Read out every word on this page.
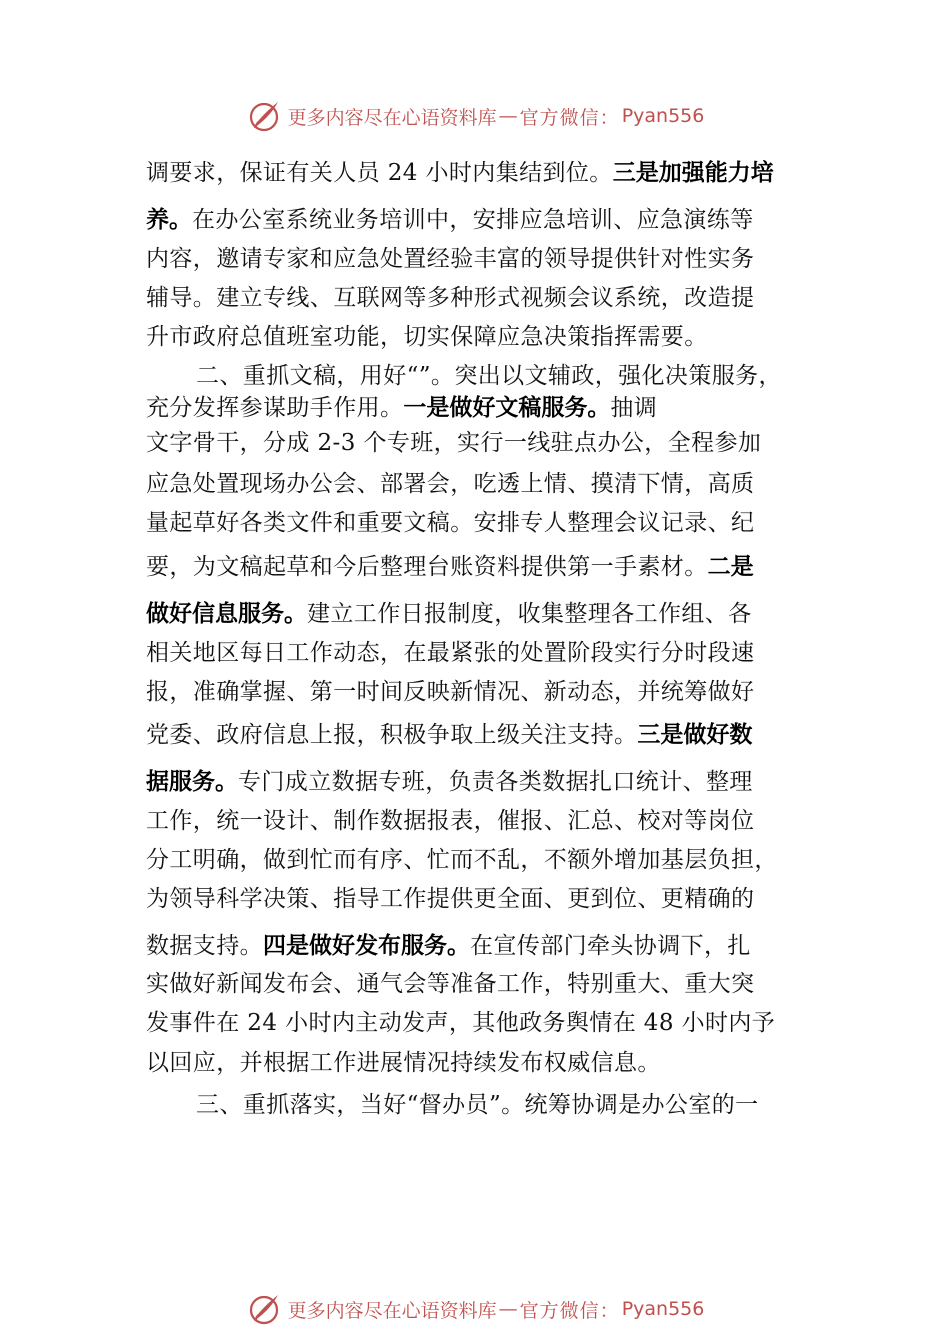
更多内容尽在心语资料库 — 官方微信： Pyan556

调要求，保证有关人员 24 小时内集结到位。三是加强能力培

养。在办公室系统业务培训中，安排应急培训、应急演练等

内容，邀请专家和应急处置经验丰富的领导提供针对性实务

辅导。建立专线、互联网等多种形式视频会议系统，改造提

升市政府总值班室功能，切实保障应急决策指挥需要。

二、重抓文稿，用好“”。突出以文辅政，强化决策服务，

充分发挥参谋助手作用。一是做好文稿服务。抽调

文字骨干，分成 2-3 个专班，实行一线驻点办公，全程参加

应急处置现场办公会、部署会，吃透上情、摸清下情，高质

量起草好各类文件和重要文稿。安排专人整理会议记录、纪

要，为文稿起草和今后整理台账资料提供第一手素材。二是

做好信息服务。建立工作日报制度，收集整理各工作组、各

相关地区每日工作动态，在最紧张的处置阶段实行分时段速

报，准确掌握、第一时间反映新情况、新动态，并统筹做好

党委、政府信息上报，积极争取上级关注支持。三是做好数

据服务。专门成立数据专班，负责各类数据扎口统计、整理

工作，统一设计、制作数据报表，催报、汇总、校对等岗位

分工明确，做到忙而有序、忙而不乱，不额外增加基层负担，

为领导科学决策、指导工作提供更全面、更到位、更精确的

数据支持。四是做好发布服务。在宣传部门牵头协调下，扎

实做好新闻发布会、通气会等准备工作，特别重大、重大突

发事件在 24 小时内主动发声，其他政务舆情在 48 小时内予

以回应，并根据工作进展情况持续发布权威信息。

三、重抓落实，当好“督办员”。统筹协调是办公室的一

更多内容尽在心语资料库 — 官方微信： Pyan556
